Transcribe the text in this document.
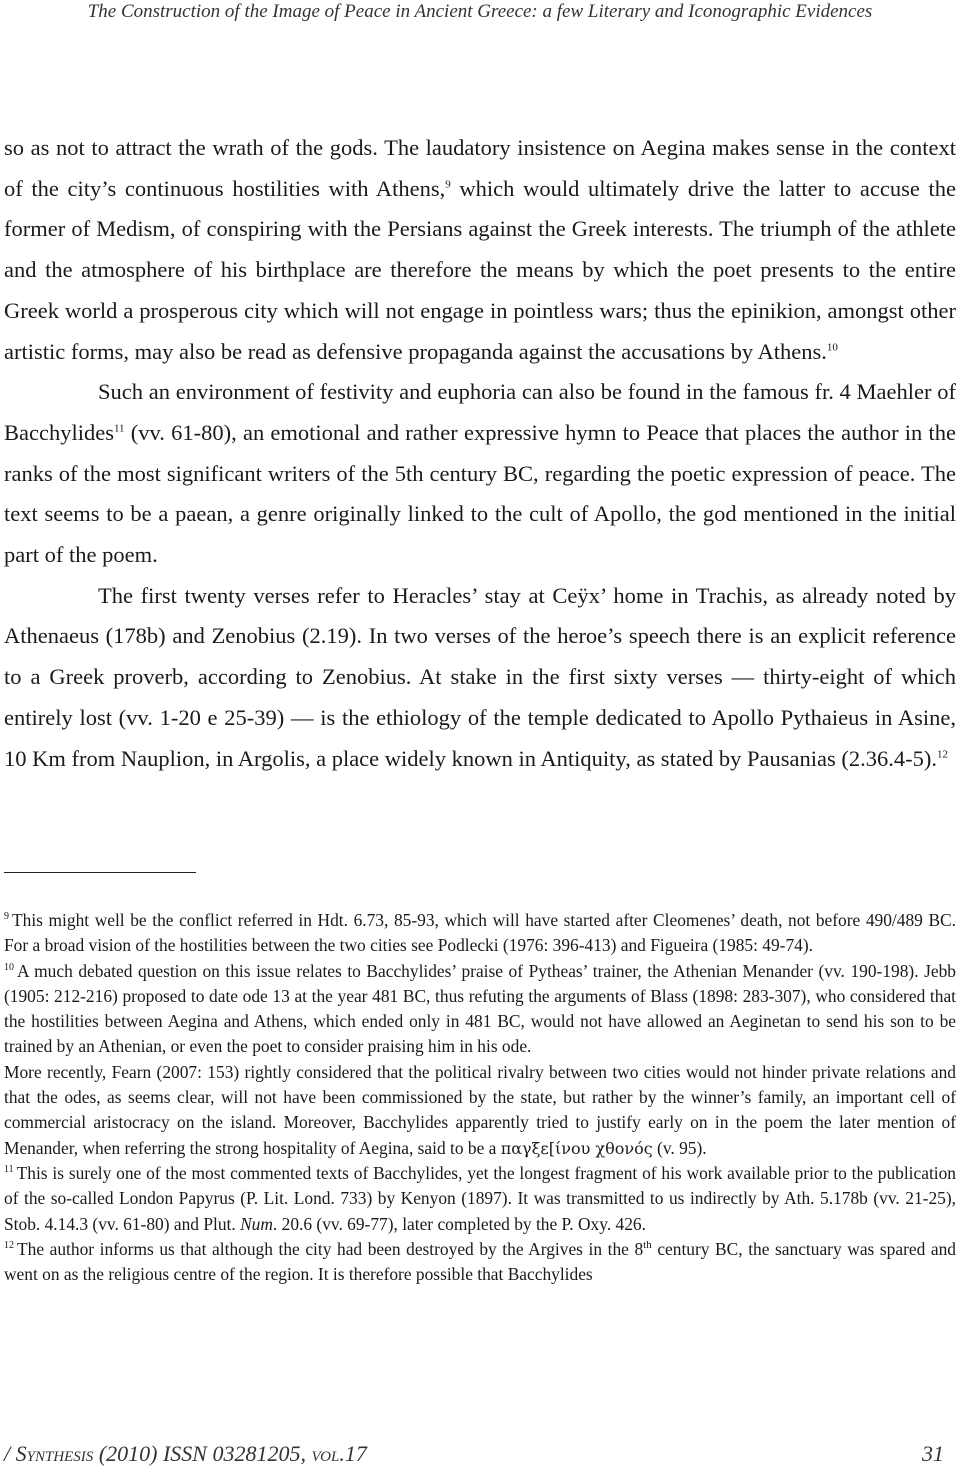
The Construction of the Image of Peace in Ancient Greece: a few Literary and Iconographic Evidences

so as not to attract the wrath of the gods. The laudatory insistence on Aegina makes sense in the context of the city’s continuous hostilities with Athens,$^9$ which would ultimately drive the latter to accuse the former of Medism, of conspiring with the Persians against the Greek interests. The triumph of the athlete and the atmosphere of his birthplace are therefore the means by which the poet presents to the entire Greek world a prosperous city which will not engage in pointless wars; thus the epinikion, amongst other artistic forms, may also be read as defensive propaganda against the accusations by Athens.$^{10}$

Such an environment of festivity and euphoria can also be found in the famous fr. 4 Maehler of Bacchylides$^{11}$ (vv. 61-80), an emotional and rather expressive hymn to Peace that places the author in the ranks of the most significant writers of the 5th century BC, regarding the poetic expression of peace. The text seems to be a paean, a genre originally linked to the cult of Apollo, the god mentioned in the initial part of the poem.

The first twenty verses refer to Heracles’ stay at Ceÿx’ home in Trachis, as already noted by Athenaeus (178b) and Zenobius (2.19). In two verses of the heroe’s speech there is an explicit reference to a Greek proverb, according to Zenobius. At stake in the first sixty verses — thirty-eight of which entirely lost (vv. 1-20 e 25-39) — is the ethiology of the temple dedicated to Apollo Pythaieus in Asine, 10 Km from Nauplion, in Argolis, a place widely known in Antiquity, as stated by Pausanias (2.36.4-5).$^{12}$

$^9$ This might well be the conflict referred in Hdt. 6.73, 85-93, which will have started after Cleomenes’ death, not before 490/489 BC. For a broad vision of the hostilities between the two cities see Podlecki (1976: 396-413) and Figueira (1985: 49-74).

$^{10}$ A much debated question on this issue relates to Bacchylides’ praise of Pytheas’ trainer, the Athenian Menander (vv. 190-198). Jebb (1905: 212-216) proposed to date ode 13 at the year 481 BC, thus refuting the arguments of Blass (1898: 283-307), who considered that the hostilities between Aegina and Athens, which ended only in 481 BC, would not have allowed an Aeginetan to send his son to be trained by an Athenian, or even the poet to consider praising him in his ode.

More recently, Fearn (2007: 153) rightly considered that the political rivalry between two cities would not hinder private relations and that the odes, as seems clear, will not have been commissioned by the state, but rather by the winner’s family, an important cell of commercial aristocracy on the island. Moreover, Bacchylides apparently tried to justify early on in the poem the later mention of Menander, when referring the strong hospitality of Aegina, said to be a παγξε[ίνου χθονός (v. 95).

$^{11}$ This is surely one of the most commented texts of Bacchylides, yet the longest fragment of his work available prior to the publication of the so-called London Papyrus (P. Lit. Lond. 733) by Kenyon (1897). It was transmitted to us indirectly by Ath. 5.178b (vv. 21-25), Stob. 4.14.3 (vv. 61-80) and Plut. Num. 20.6 (vv. 69-77), later completed by the P. Oxy. 426.

$^{12}$ The author informs us that although the city had been destroyed by the Argives in the 8th century BC, the sanctuary was spared and went on as the religious centre of the region. It is therefore possible that Bacchylides

/ Synthesis (2010) ISSN 03281205, vol.17	31
